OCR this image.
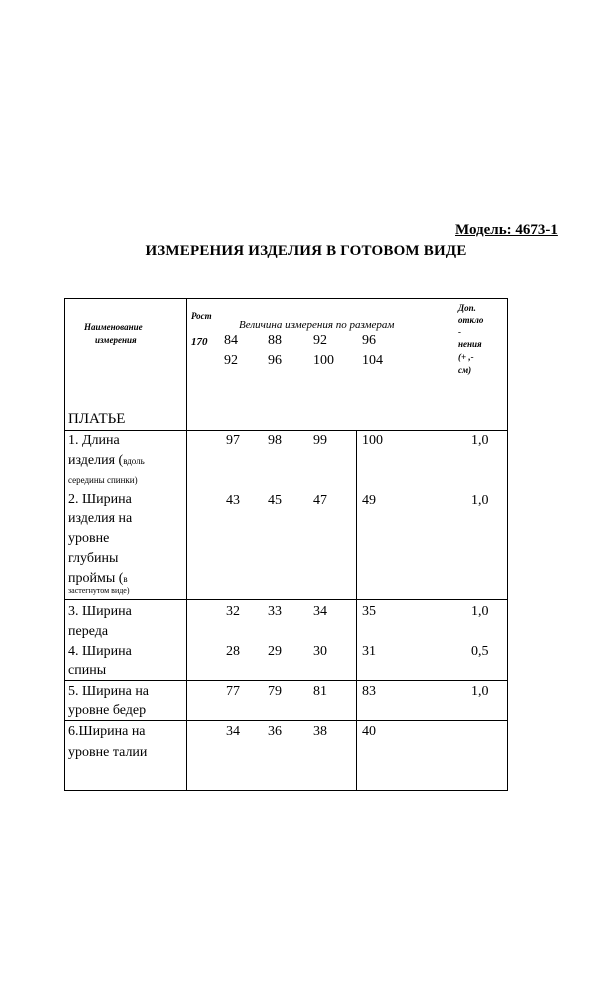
Модель: 4673-1
ИЗМЕРЕНИЯ ИЗДЕЛИЯ В ГОТОВОМ ВИДЕ
Наименование
измерения
ПЛАТЬЕ
Рост
170
Величина измерения по размерам
84 88 92	96
92 96 100 104
Доп.
откло
-
нения
(+ ,-
см)
1. Длина
изделия (вдоль
середины спинки)
97 98 99	100	1,0
2. Ширина
изделия на
уровне
глубины
проймы (в
застегнутом виде)
43 45 47	49	1,0
3. Ширина
переда
32 33 34	35	1,0
4. Ширина
спины
28 29 30	31	0,5
5. Ширина на
уровне бедер
77 79 81	83	1,0
6.Ширина на
уровне талии
34 36 38	40
